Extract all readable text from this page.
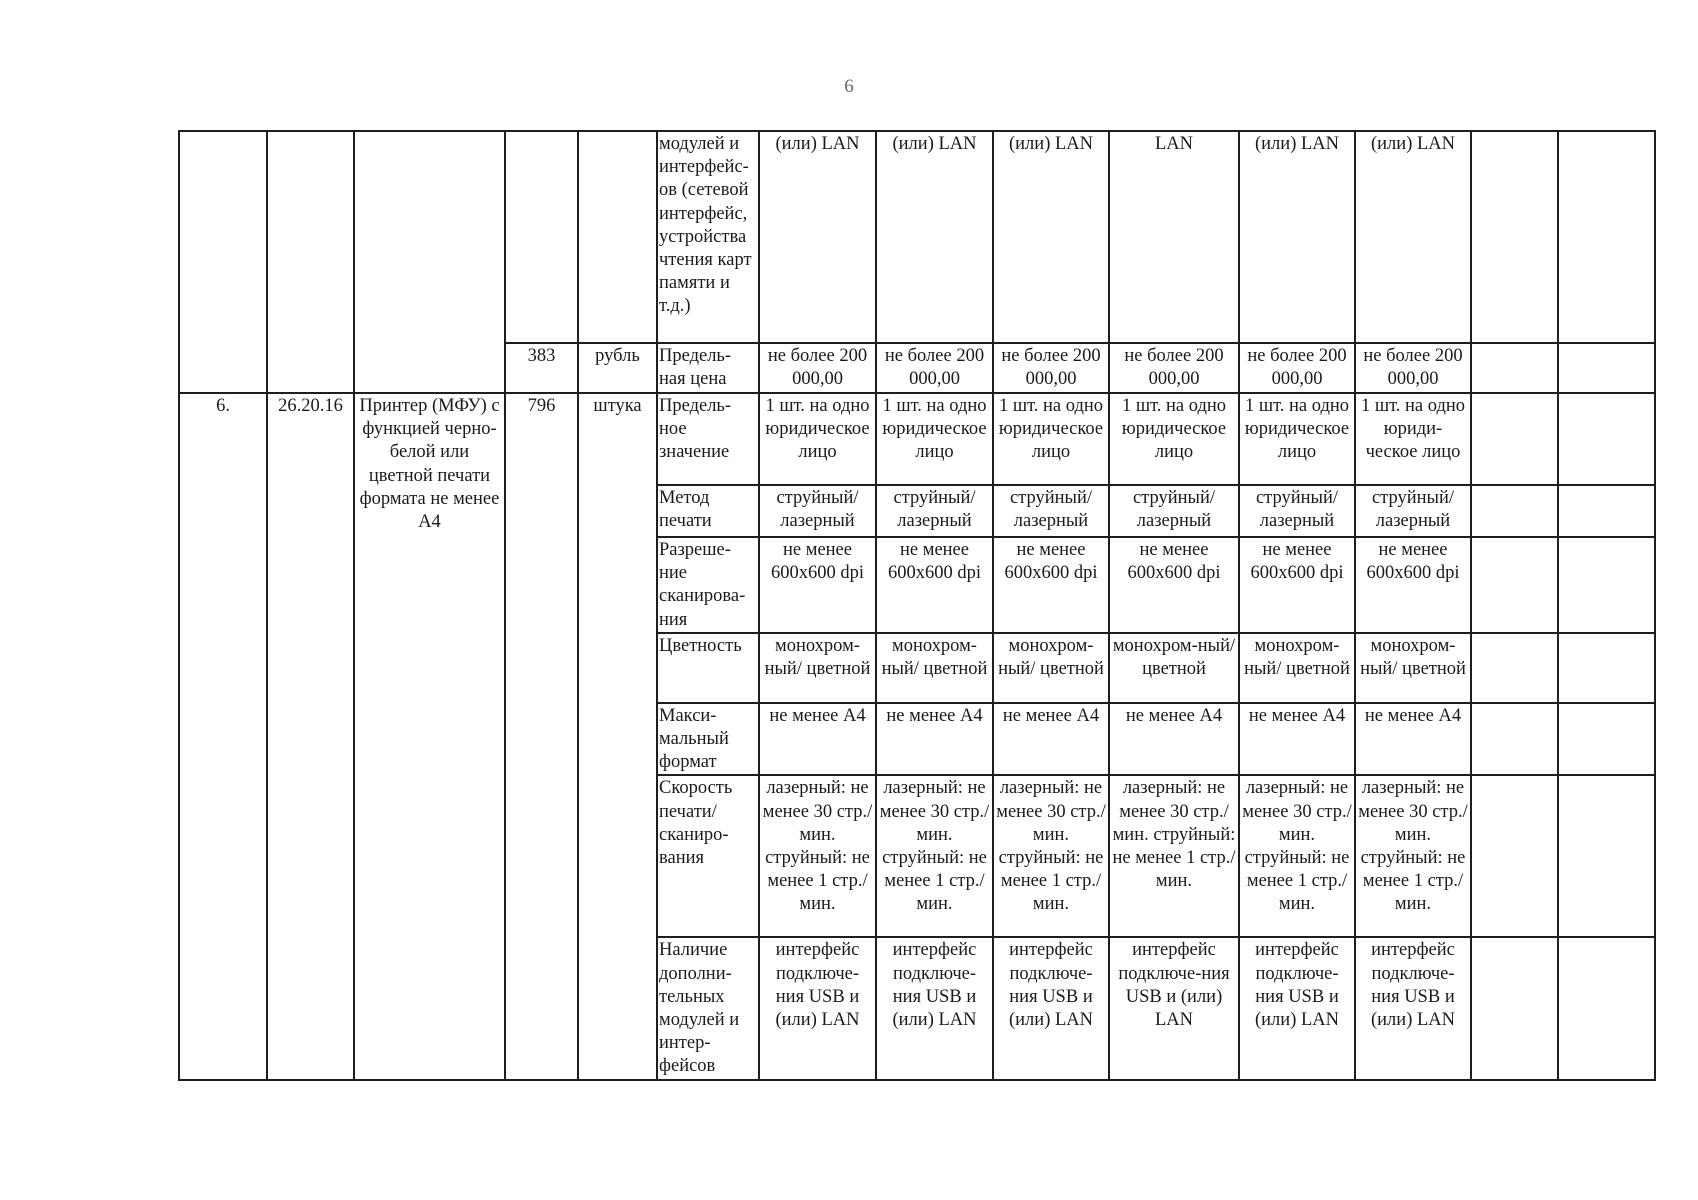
6
					модулей и интерфейс-ов (сетевой интерфейс, устройства чтения карт памяти и т.д.)	(или) LAN	(или) LAN	(или) LAN	LAN	(или) LAN	(или) LAN		
			383	рубль	Предель-ная цена	не более 200 000,00	не более 200 000,00	не более 200 000,00	не более 200 000,00	не более 200 000,00	не более 200 000,00		
6.	26.20.16	Принтер (МФУ) с функцией черно-белой или цветной печати формата не менее А4	796	штука	Предель-ное значение	1 шт. на одно юридическое лицо	1 шт. на одно юридическое лицо	1 шт. на одно юридическое лицо	1 шт. на одно юридическое лицо	1 шт. на одно юридическое лицо	1 шт. на одно юриди-ческое лицо		
					Метод печати	струйный/ лазерный	струйный/ лазерный	струйный/ лазерный	струйный/ лазерный	струйный/ лазерный	струйный/ лазерный		
					Разреше-ние сканирова-ния	не менее 600x600 dpi	не менее 600x600 dpi	не менее 600x600 dpi	не менее 600x600 dpi	не менее 600x600 dpi	не менее 600x600 dpi		
					Цветность	монохром-ный/ цветной	монохром-ный/ цветной	монохром-ный/ цветной	монохром-ный/ цветной	монохром-ный/ цветной	монохром-ный/ цветной		
					Макси-мальный формат	не менее А4	не менее А4	не менее А4	не менее А4	не менее А4	не менее А4		
					Скорость печати/ сканиро-вания	лазерный: не менее 30 стр./мин. струйный: не менее 1 стр./мин.	лазерный: не менее 30 стр./мин. струйный: не менее 1 стр./мин.	лазерный: не менее 30 стр./мин. струйный: не менее 1 стр./мин.	лазерный: не менее 30 стр./мин. струйный: не менее 1 стр./мин.	лазерный: не менее 30 стр./мин. струйный: не менее 1 стр./мин.	лазерный: не менее 30 стр./мин. струйный: не менее 1 стр./мин.		
					Наличие дополни-тельных модулей и интер-фейсов	интерфейс подключе-ния USB и (или) LAN	интерфейс подключе-ния USB и (или) LAN	интерфейс подключе-ния USB и (или) LAN	интерфейс подключе-ния USB и (или) LAN	интерфейс подключе-ния USB и (или) LAN	интерфейс подключе-ния USB и (или) LAN		
